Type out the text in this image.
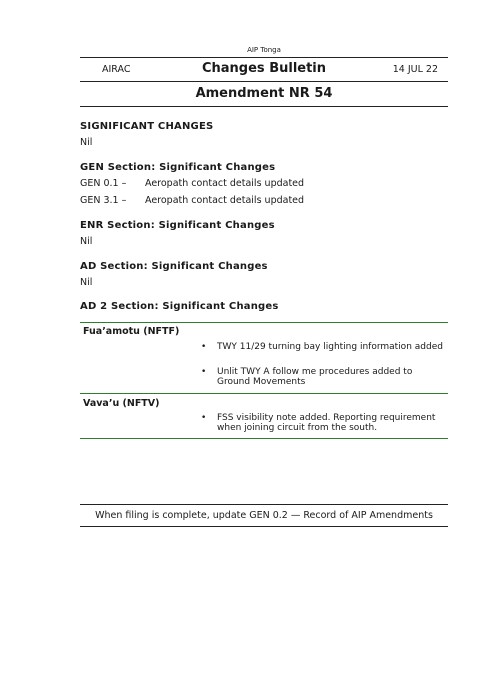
AIP Tonga
AIRAC	Changes Bulletin	14 JUL 22
Amendment NR 54
SIGNIFICANT CHANGES
Nil
GEN Section: Significant Changes
GEN 0.1 – Aeropath contact details updated
GEN 3.1 – Aeropath contact details updated
ENR Section: Significant Changes
Nil
AD Section: Significant Changes
Nil
AD 2 Section: Significant Changes
Fua’amotu (NFTF)
• TWY 11/29 turning bay lighting information added
• Unlit TWY A follow me procedures added to Ground Movements
Vava’u (NFTV)
• FSS visibility note added. Reporting requirement when joining circuit from the south.
When filing is complete, update GEN 0.2 — Record of AIP Amendments
